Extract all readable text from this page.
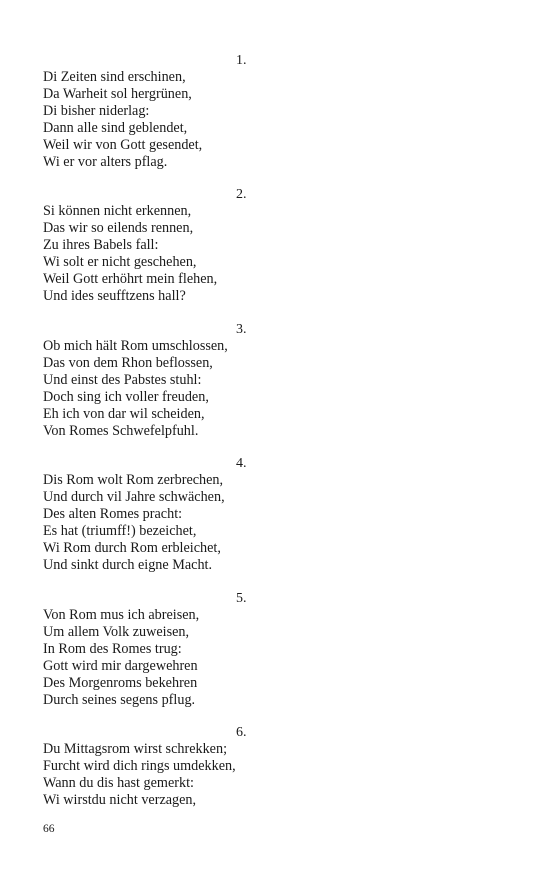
1.
Di Zeiten sind erschinen,
Da Warheit sol hergrünen,
Di bisher niderlag:
Dann alle sind geblendet,
Weil wir von Gott gesendet,
Wi er vor alters pflag.
2.
Si können nicht erkennen,
Das wir so eilends rennen,
Zu ihres Babels fall:
Wi solt er nicht geschehen,
Weil Gott erhöhrt mein flehen,
Und ides seufftzens hall?
3.
Ob mich hält Rom umschlossen,
Das von dem Rhon beflossen,
Und einst des Pabstes stuhl:
Doch sing ich voller freuden,
Eh ich von dar wil scheiden,
Von Romes Schwefelpfuhl.
4.
Dis Rom wolt Rom zerbrechen,
Und durch vil Jahre schwächen,
Des alten Romes pracht:
Es hat (triumff!) bezeichet,
Wi Rom durch Rom erbleichet,
Und sinkt durch eigne Macht.
5.
Von Rom mus ich abreisen,
Um allem Volk zuweisen,
In Rom des Romes trug:
Gott wird mir dargewehren
Des Morgenroms bekehren
Durch seines segens pflug.
6.
Du Mittagsrom wirst schrekken;
Furcht wird dich rings umdekken,
Wann du dis hast gemerkt:
Wi wirstdu nicht verzagen,
66
